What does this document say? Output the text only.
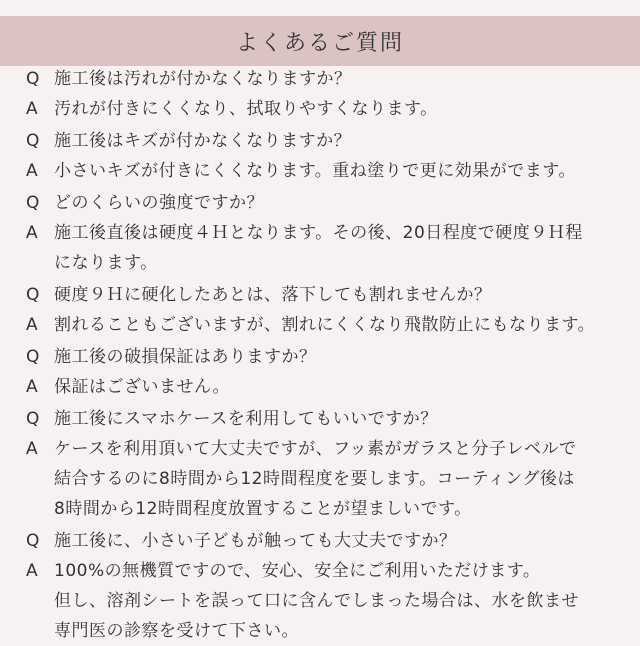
よくあるご質問
Q 施工後は汚れが付かなくなりますか？
A 汚れが付きにくくなり、拭取りやすくなります。
Q 施工後はキズが付かなくなりますか？
A 小さいキズが付きにくくなります。重ね塗りで更に効果がでます。
Q どのくらいの強度ですか？
A 施工後直後は硬度４Ｈとなります。その後、20日程度で硬度９Ｈ程
になります。
Q 硬度９Ｈに硬化したあとは、落下しても割れませんか？
A 割れることもございますが、割れにくくなり飛散防止にもなります。
Q 施工後の破損保証はありますか？
A 保証はございません。
Q 施工後にスマホケースを利用してもいいですか？
A ケースを利用頂いて大丈夫ですが、フッ素がガラスと分子レベルで
結合するのに8時間から12時間程度を要します。コーティング後は
8時間から12時間程度放置することが望ましいです。
Q 施工後に、小さい子どもが触っても大丈夫ですか？
A 100%の無機質ですので、安心、安全にご利用いただけます。
但し、溶剤シートを誤って口に含んでしまった場合は、水を飲ませ
専門医の診察を受けて下さい。
